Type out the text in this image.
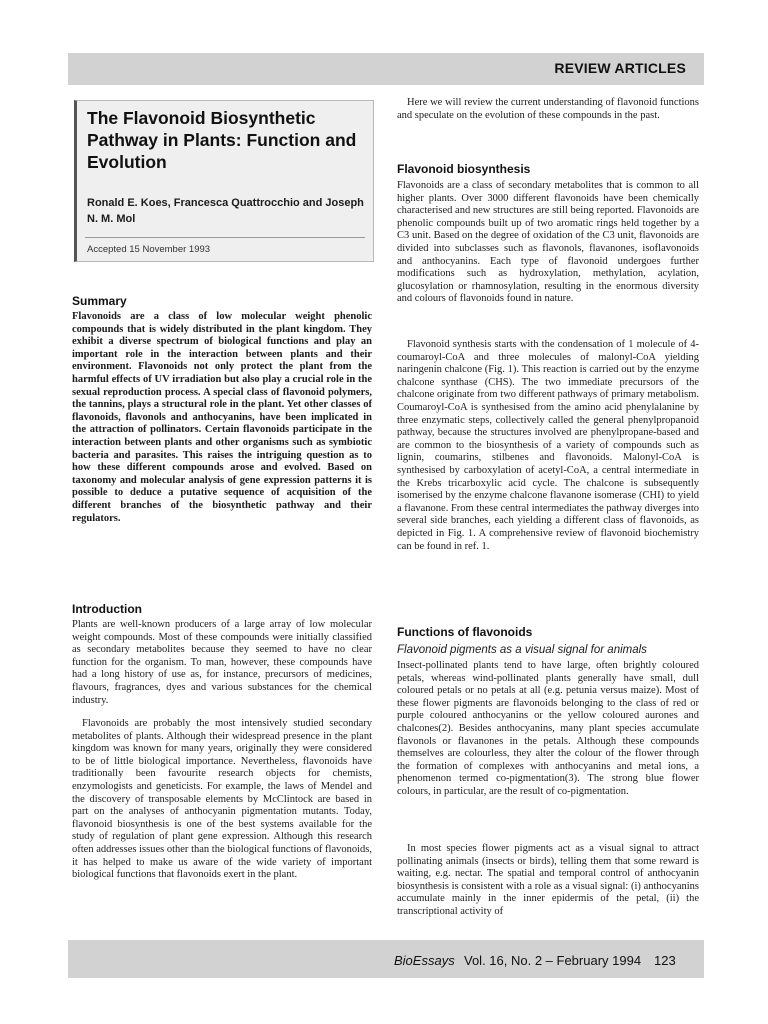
REVIEW ARTICLES
The Flavonoid Biosynthetic Pathway in Plants: Function and Evolution
Ronald E. Koes, Francesca Quattrocchio and Joseph N. M. Mol
Accepted 15 November 1993
Summary

Flavonoids are a class of low molecular weight phenolic compounds that is widely distributed in the plant kingdom. They exhibit a diverse spectrum of biological functions and play an important role in the interaction between plants and their environment. Flavonoids not only protect the plant from the harmful effects of UV irradiation but also play a crucial role in the sexual reproduction process. A special class of flavonoid polymers, the tannins, plays a structural role in the plant. Yet other classes of flavonoids, flavonols and anthocyanins, have been implicated in the attraction of pollinators. Certain flavonoids participate in the interaction between plants and other organisms such as symbiotic bacteria and parasites. This raises the intriguing question as to how these different compounds arose and evolved. Based on taxonomy and molecular analysis of gene expression patterns it is possible to deduce a putative sequence of acquisition of the different branches of the biosynthetic pathway and their regulators.

Introduction

Plants are well-known producers of a large array of low molecular weight compounds. Most of these compounds were initially classified as secondary metabolites because they seemed to have no clear function for the organism. To man, however, these compounds have had a long history of use as, for instance, precursors of medicines, flavours, fragrances, dyes and various substances for the chemical industry.

Flavonoids are probably the most intensively studied secondary metabolites of plants. Although their widespread presence in the plant kingdom was known for many years, originally they were considered to be of little biological importance. Nevertheless, flavonoids have traditionally been favourite research objects for chemists, enzymologists and geneticists. For example, the laws of Mendel and the discovery of transposable elements by McClintock are based in part on the analyses of anthocyanin pigmentation mutants. Today, flavonoid biosynthesis is one of the best systems available for the study of regulation of plant gene expression. Although this research often addresses issues other than the biological functions of flavonoids, it has helped to make us aware of the wide variety of important biological functions that flavonoids exert in the plant.

Here we will review the current understanding of flavonoid functions and speculate on the evolution of these compounds in the past.

Flavonoid biosynthesis

Flavonoids are a class of secondary metabolites that is common to all higher plants. Over 3000 different flavonoids have been chemically characterised and new structures are still being reported. Flavonoids are phenolic compounds built up of two aromatic rings held together by a C3 unit. Based on the degree of oxidation of the C3 unit, flavonoids are divided into subclasses such as flavonols, flavanones, isoflavonoids and anthocyanins. Each type of flavonoid undergoes further modifications such as hydroxylation, methylation, acylation, glucosylation or rhamnosylation, resulting in the enormous diversity and colours of flavonoids found in nature.

Flavonoid synthesis starts with the condensation of 1 molecule of 4-coumaroyl-CoA and three molecules of malonyl-CoA yielding naringenin chalcone (Fig. 1). This reaction is carried out by the enzyme chalcone synthase (CHS). The two immediate precursors of the chalcone originate from two different pathways of primary metabolism. Coumaroyl-CoA is synthesised from the amino acid phenylalanine by three enzymatic steps, collectively called the general phenylpropanoid pathway, because the structures involved are phenylpropane-based and are common to the biosynthesis of a variety of compounds such as lignin, coumarins, stilbenes and flavonoids. Malonyl-CoA is synthesised by carboxylation of acetyl-CoA, a central intermediate in the Krebs tricarboxylic acid cycle. The chalcone is subsequently isomerised by the enzyme chalcone flavanone isomerase (CHI) to yield a flavanone. From these central intermediates the pathway diverges into several side branches, each yielding a different class of flavonoids, as depicted in Fig. 1. A comprehensive review of flavonoid biochemistry can be found in ref. 1.

Functions of flavonoids
Flavonoid pigments as a visual signal for animals

Insect-pollinated plants tend to have large, often brightly coloured petals, whereas wind-pollinated plants generally have small, dull coloured petals or no petals at all (e.g. petunia versus maize). Most of these flower pigments are flavonoids belonging to the class of red or purple coloured anthocyanins or the yellow coloured aurones and chalcones(2). Besides anthocyanins, many plant species accumulate flavonols or flavanones in the petals. Although these compounds themselves are colourless, they alter the colour of the flower through the formation of complexes with anthocyanins and metal ions, a phenomenon termed co-pigmentation(3). The strong blue flower colours, in particular, are the result of co-pigmentation.

In most species flower pigments act as a visual signal to attract pollinating animals (insects or birds), telling them that some reward is waiting, e.g. nectar. The spatial and temporal control of anthocyanin biosynthesis is consistent with a role as a visual signal: (i) anthocyanins accumulate mainly in the inner epidermis of the petal, (ii) the transcriptional activity of

BioEssays Vol. 16, No. 2 – February 1994 123
